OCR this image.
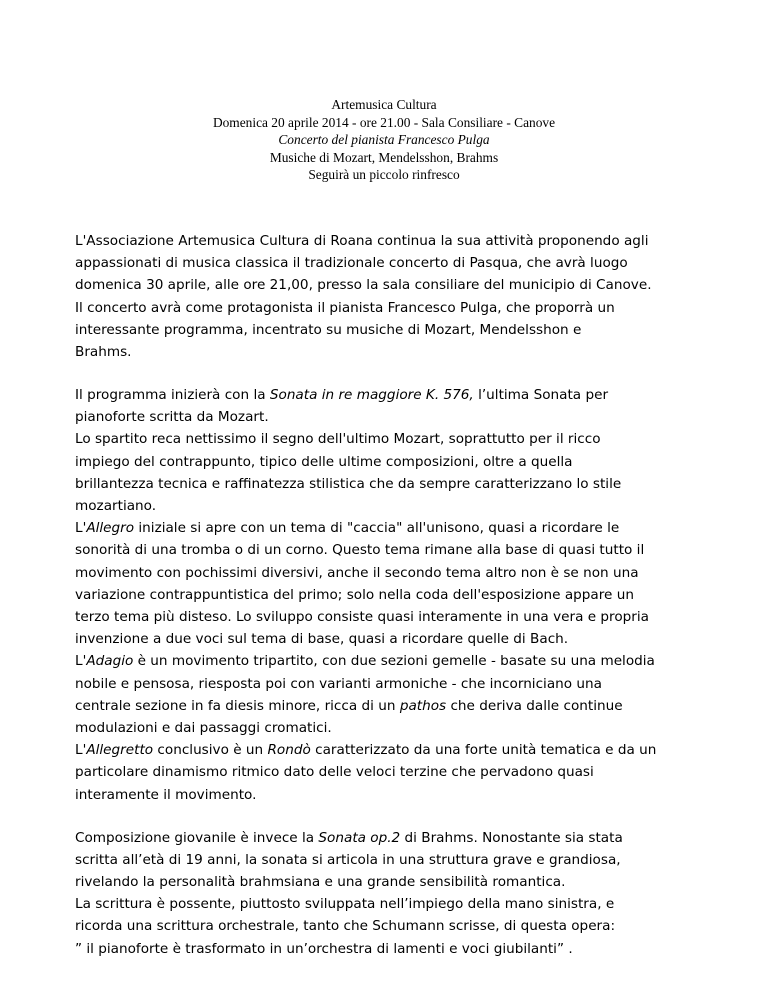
Artemusica Cultura
Domenica 20 aprile 2014 - ore 21.00 - Sala Consiliare - Canove
Concerto del pianista Francesco Pulga
Musiche di Mozart, Mendelsshon, Brahms
Seguirà un piccolo rinfresco
L'Associazione Artemusica Cultura di Roana continua la sua attività proponendo agli
appassionati di musica classica il tradizionale concerto di Pasqua, che avrà luogo
domenica 30 aprile, alle ore 21,00, presso la sala consiliare del municipio di Canove.
Il concerto avrà come protagonista il pianista Francesco Pulga, che proporrà un
interessante programma, incentrato su musiche di Mozart, Mendelsshon e
Brahms.
Il programma inizierà con la Sonata in re maggiore K. 576, l’ultima Sonata per
pianoforte scritta da Mozart.
Lo spartito reca nettissimo il segno dell'ultimo Mozart, soprattutto per il ricco
impiego del contrappunto, tipico delle ultime composizioni, oltre a quella
brillantezza tecnica e raffinatezza stilistica che da sempre caratterizzano lo stile
mozartiano.
L'Allegro iniziale si apre con un tema di "caccia" all'unisono, quasi a ricordare le
sonorità di una tromba o di un corno. Questo tema rimane alla base di quasi tutto il
movimento con pochissimi diversivi, anche il secondo tema altro non è se non una
variazione contrappuntistica del primo; solo nella coda dell'esposizione appare un
terzo tema più disteso. Lo sviluppo consiste quasi interamente in una vera e propria
invenzione a due voci sul tema di base, quasi a ricordare quelle di Bach.
L'Adagio è un movimento tripartito, con due sezioni gemelle - basate su una melodia
nobile e pensosa, riesposta poi con varianti armoniche - che incorniciano una
centrale sezione in fa diesis minore, ricca di un pathos che deriva dalle continue
modulazioni e dai passaggi cromatici.
L'Allegretto conclusivo è un Rondò caratterizzato da una forte unità tematica e da un
particolare dinamismo ritmico dato delle veloci terzine che pervadono quasi
interamente il movimento.
Composizione giovanile è invece la Sonata op.2 di Brahms. Nonostante sia stata
scritta all’età di 19 anni, la sonata si articola in una struttura grave e grandiosa,
rivelando la personalità brahmsiana e una grande sensibilità romantica.
La scrittura è possente, piuttosto sviluppata nell’impiego della mano sinistra, e
ricorda una scrittura orchestrale, tanto che Schumann scrisse, di questa opera:
” il pianoforte è trasformato in un’orchestra di lamenti e voci giubilanti” .
